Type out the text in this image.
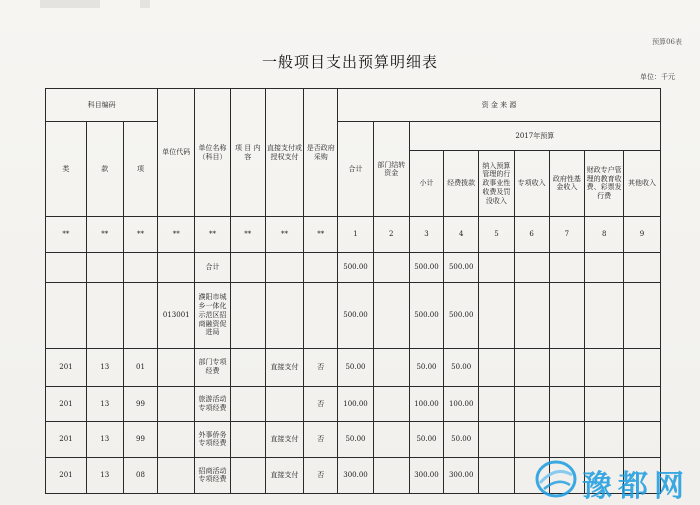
预算06表
一般项目支出预算明细表
单位：千元
科目编码			单位代码	单位名称（科目）	项 目 内 容	直接支付或授权支付	是否政府采购	资 金 来 源								
类	款	项						合计	部门结转资金	2017年预算						
										小计	经费拨款	纳入预算管理的行政事业性收费及罚没收入	专项收入	政府性基金收入	财政专户管理的教育收费、彩票发行费	其他收入
**	**	**	**	**	**	**	**	1	2	3	4	5	6	7	8	9
				合计				500.00		500.00	500.00					
			013001	濮阳市城乡一体化示范区招商融资促进局				500.00		500.00	500.00					
201	13	01		部门专项经费		直接支付	否	50.00		50.00	50.00					
201	13	99		旅游活动专项经费			否	100.00		100.00	100.00					
201	13	99		外事侨务专项经费		直接支付	否	50.00		50.00	50.00					
201	13	08		招商活动专项经费		直接支付	否	300.00		300.00	300.00						豫都网
